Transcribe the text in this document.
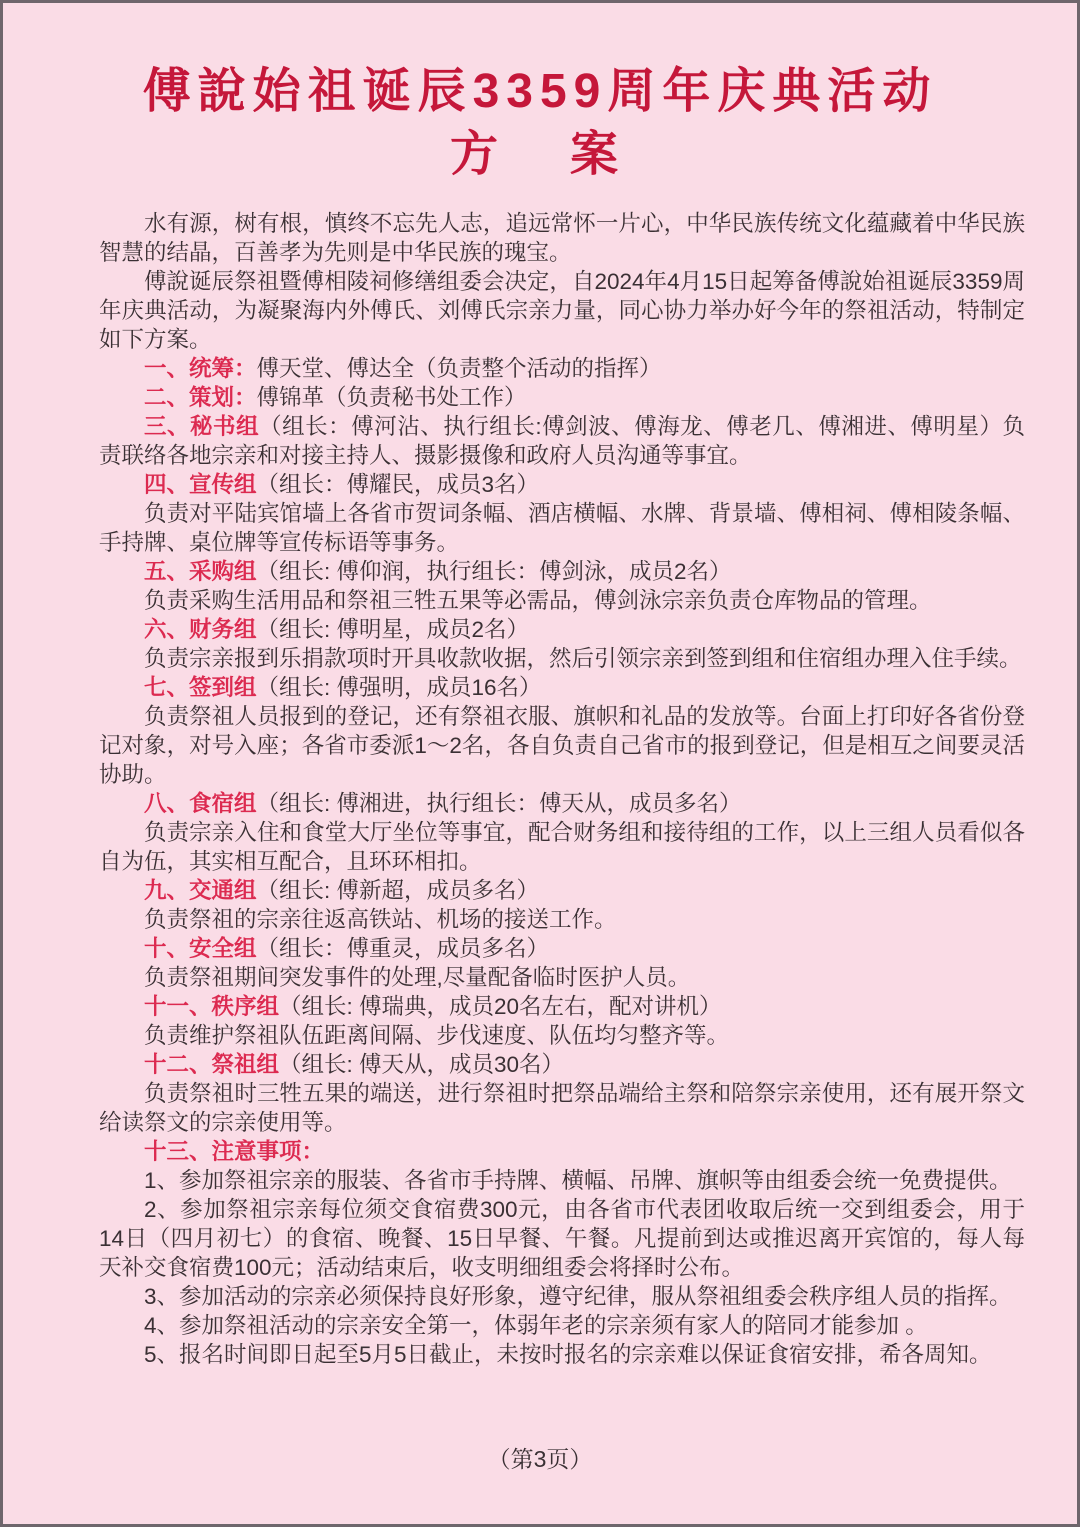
傅說始祖诞辰3359周年庆典活动
方　案

水有源，树有根，慎终不忘先人志，追远常怀一片心，中华民族传统文化蕴藏着中华民族智慧的结晶，百善孝为先则是中华民族的瑰宝。

傅說诞辰祭祖暨傅相陵祠修缮组委会决定，自2024年4月15日起筹备傅說始祖诞辰3359周年庆典活动，为凝聚海内外傅氏、刘傅氏宗亲力量，同心协力举办好今年的祭祖活动，特制定如下方案。

一、统筹：傅天堂、傅达全（负责整个活动的指挥）

二、策划：傅锦革（负责秘书处工作）

三、秘书组（组长：傅河沾、执行组长:傅剑波、傅海龙、傅老几、傅湘进、傅明星）负责联络各地宗亲和对接主持人、摄影摄像和政府人员沟通等事宜。

四、宣传组（组长：傅耀民，成员3名）

负责对平陆宾馆墙上各省市贺词条幅、酒店横幅、水牌、背景墙、傅相祠、傅相陵条幅、手持牌、桌位牌等宣传标语等事务。

五、采购组（组长: 傅仰润，执行组长：傅剑泳，成员2名）

负责采购生活用品和祭祖三牲五果等必需品，傅剑泳宗亲负责仓库物品的管理。

六、财务组（组长: 傅明星，成员2名）

负责宗亲报到乐捐款项时开具收款收据，然后引领宗亲到签到组和住宿组办理入住手续。

七、签到组（组长: 傅强明，成员16名）

负责祭祖人员报到的登记，还有祭祖衣服、旗帜和礼品的发放等。台面上打印好各省份登记对象，对号入座；各省市委派1～2名，各自负责自己省市的报到登记，但是相互之间要灵活协助。

八、食宿组（组长: 傅湘进，执行组长：傅天从，成员多名）

负责宗亲入住和食堂大厅坐位等事宜，配合财务组和接待组的工作，以上三组人员看似各自为伍，其实相互配合，且环环相扣。

九、交通组（组长: 傅新超，成员多名）

负责祭祖的宗亲往返高铁站、机场的接送工作。

十、安全组（组长：傅重灵，成员多名）

负责祭祖期间突发事件的处理,尽量配备临时医护人员。

十一、秩序组（组长: 傅瑞典，成员20名左右，配对讲机）

负责维护祭祖队伍距离间隔、步伐速度、队伍均匀整齐等。

十二、祭祖组（组长: 傅天从，成员30名）

负责祭祖时三牲五果的端送，进行祭祖时把祭品端给主祭和陪祭宗亲使用，还有展开祭文给读祭文的宗亲使用等。

十三、注意事项：

1、参加祭祖宗亲的服装、各省市手持牌、横幅、吊牌、旗帜等由组委会统一免费提供。

2、参加祭祖宗亲每位须交食宿费300元，由各省市代表团收取后统一交到组委会，用于14日（四月初七）的食宿、晚餐、15日早餐、午餐。凡提前到达或推迟离开宾馆的，每人每天补交食宿费100元；活动结束后，收支明细组委会将择时公布。

3、参加活动的宗亲必须保持良好形象，遵守纪律，服从祭祖组委会秩序组人员的指挥。

4、参加祭祖活动的宗亲安全第一，体弱年老的宗亲须有家人的陪同才能参加 。

5、报名时间即日起至5月5日截止，未按时报名的宗亲难以保证食宿安排，希各周知。

（第3页）
